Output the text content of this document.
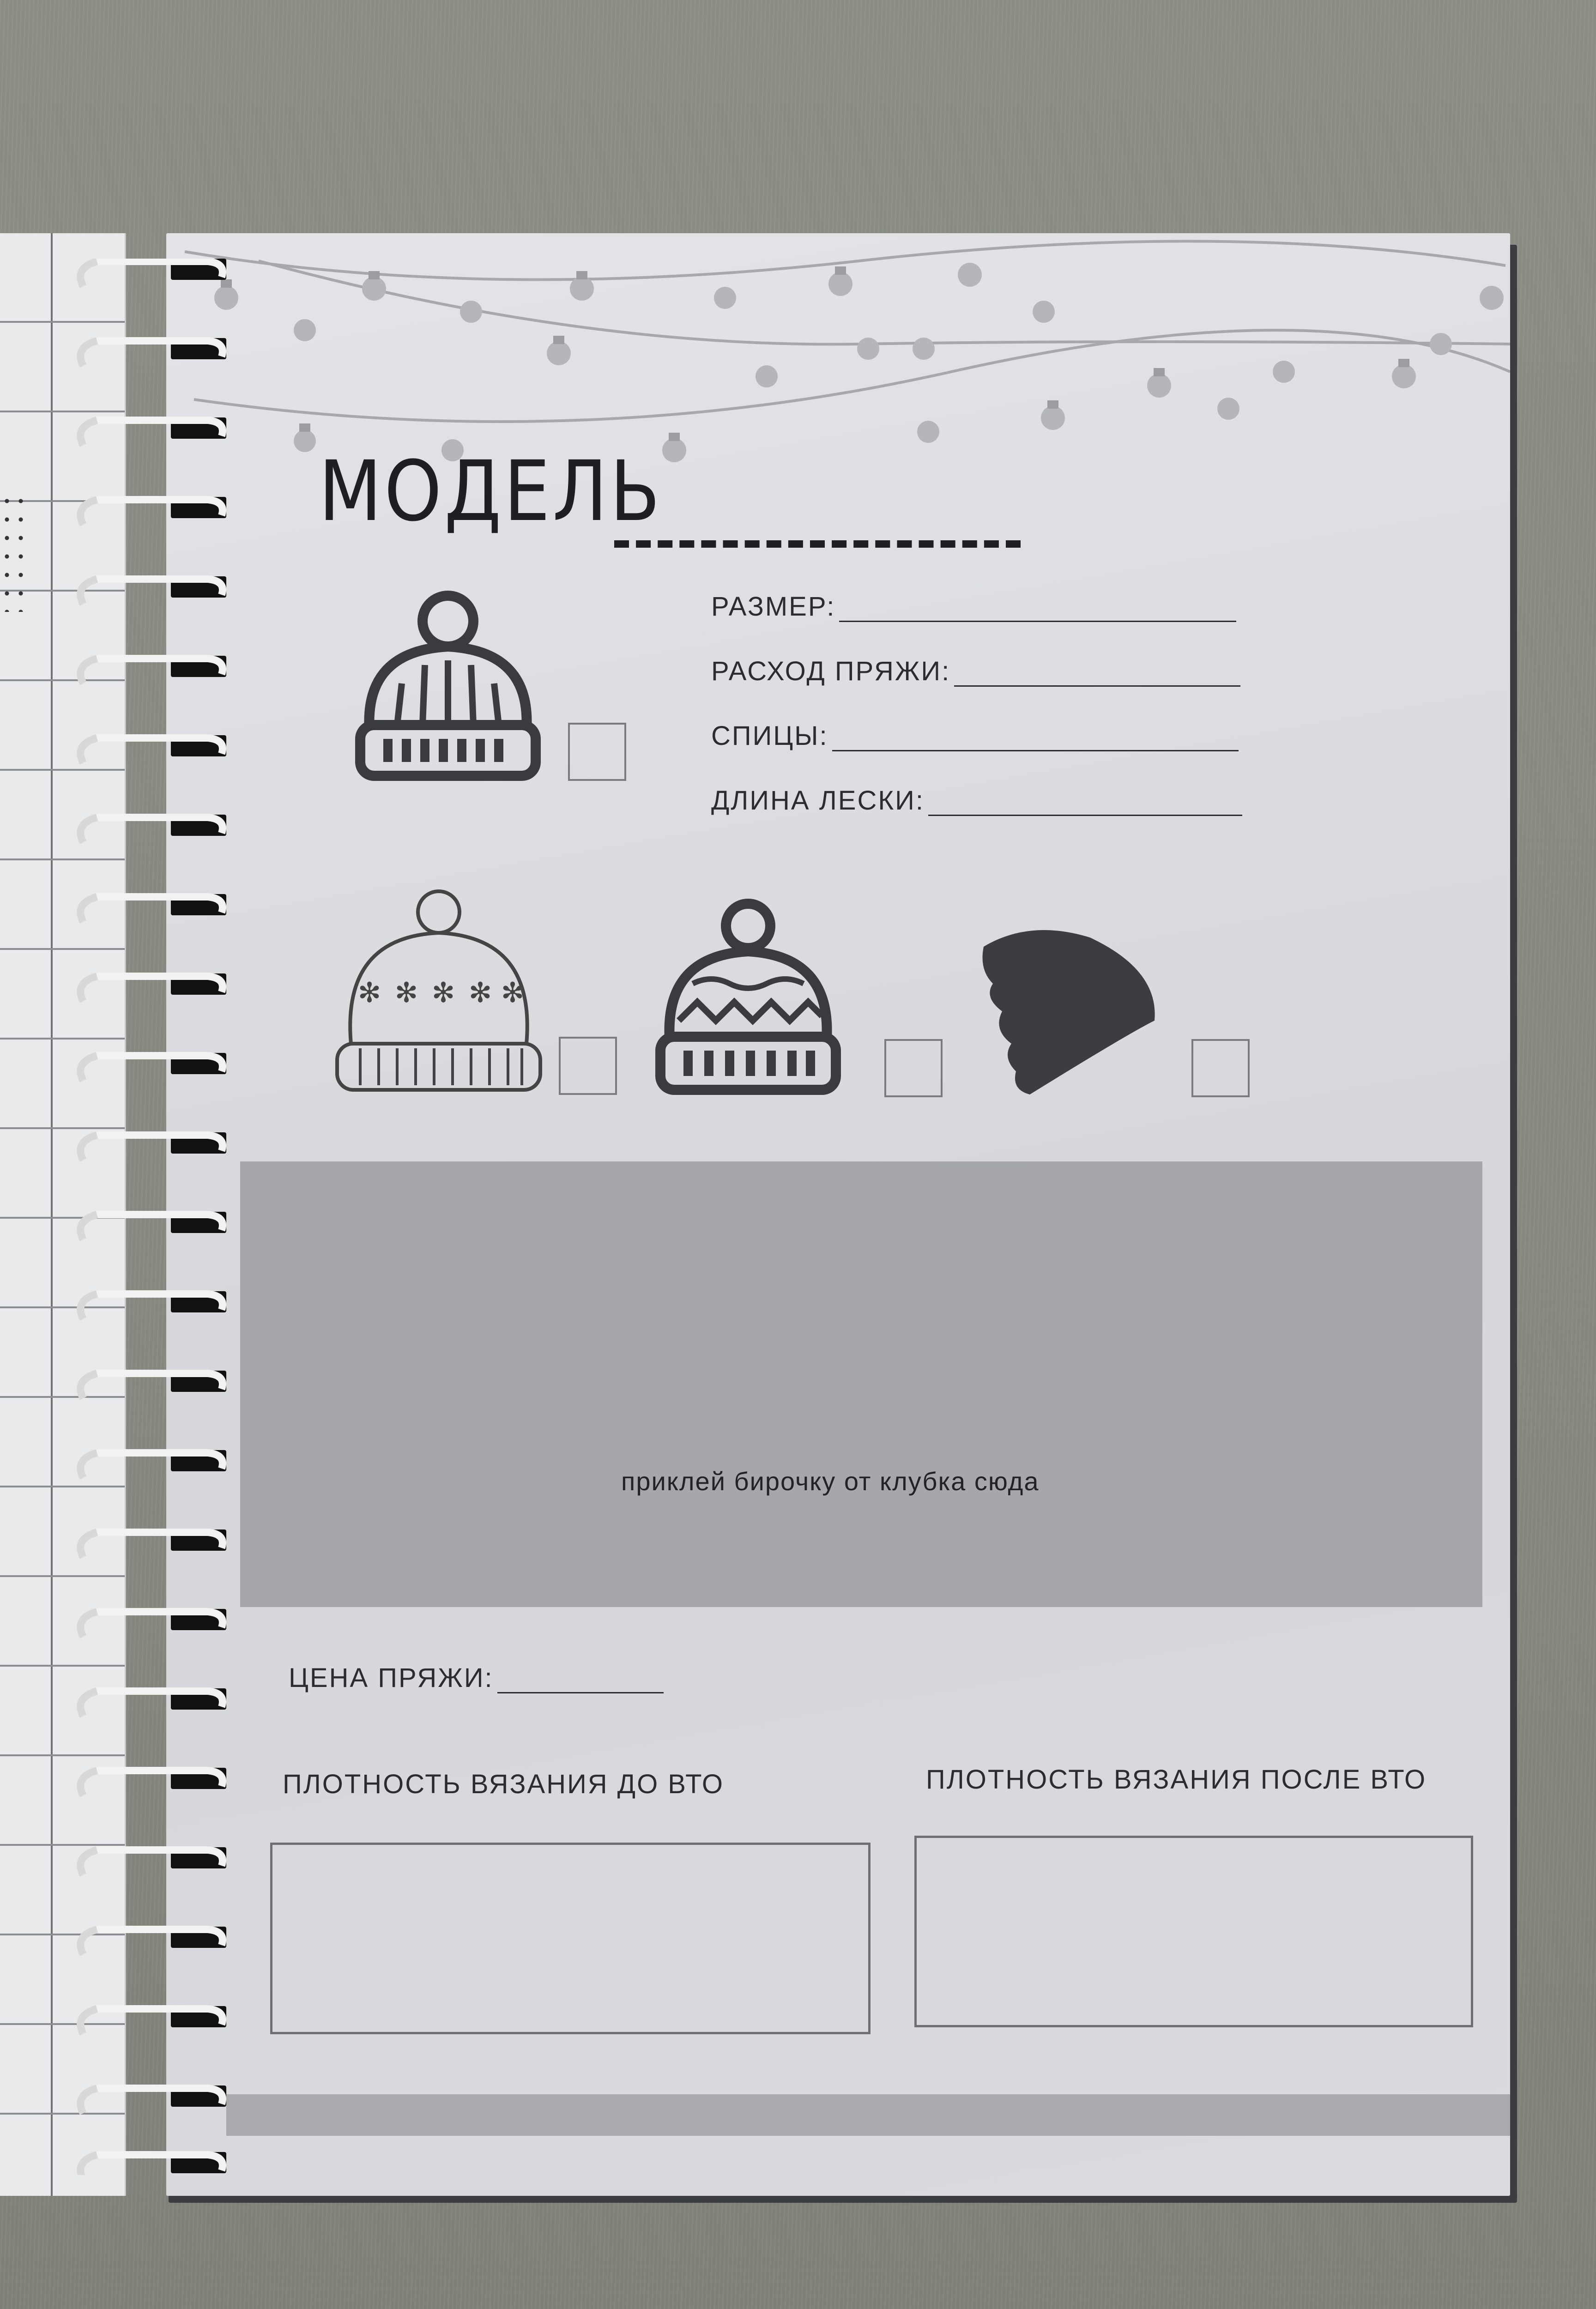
МОДЕЛЬ
РАЗМЕР:
РАСХОД ПРЯЖИ:
СПИЦЫ:
ДЛИНА ЛЕСКИ:
✻ ✻ ✻ ✻ ✻
приклей бирочку от клубка сюда
ЦЕНА ПРЯЖИ:
ПЛОТНОСТЬ ВЯЗАНИЯ ДО ВТО	ПЛОТНОСТЬ ВЯЗАНИЯ ПОСЛЕ ВТО
